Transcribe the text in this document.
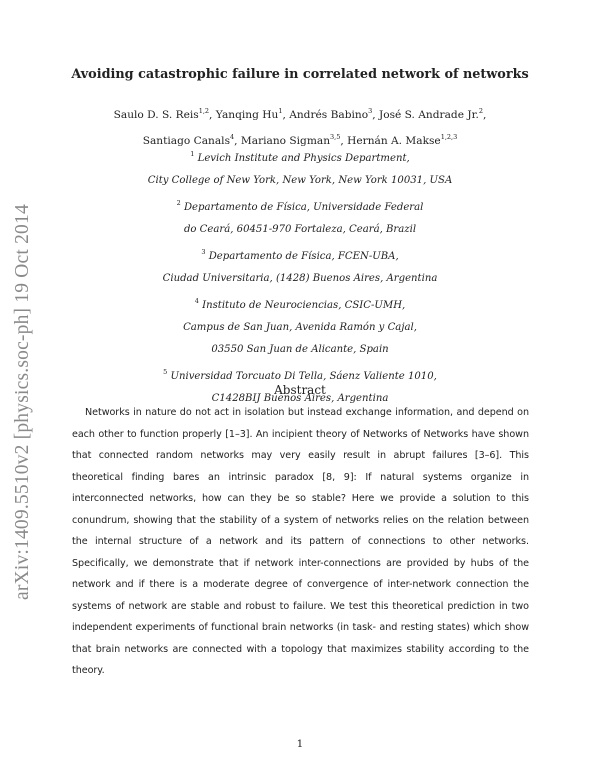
arXiv:1409.5510v2 [physics.soc-ph] 19 Oct 2014
Avoiding catastrophic failure in correlated network of networks
Saulo D. S. Reis$^{1,2}$, Yanqing Hu$^1$, Andrés Babino$^3$, José S. Andrade Jr.$^2$,
Santiago Canals$^4$, Mariano Sigman$^{3,5}$, Hernán A. Makse$^{1,2,3}$
$^1$ Levich Institute and Physics Department,
City College of New York, New York, New York 10031, USA
$^2$ Departamento de Física, Universidade Federal
do Ceará, 60451-970 Fortaleza, Ceará, Brazil
$^3$ Departamento de Física, FCEN-UBA,
Ciudad Universitaria, (1428) Buenos Aires, Argentina
$^4$ Instituto de Neurociencias, CSIC-UMH,
Campus de San Juan, Avenida Ramón y Cajal,
03550 San Juan de Alicante, Spain
$^5$ Universidad Torcuato Di Tella, Sáenz Valiente 1010,
C1428BIJ Buenos Aires, Argentina
Abstract
Networks in nature do not act in isolation but instead exchange information, and depend on each other to function properly [1–3]. An incipient theory of Networks of Networks have shown that connected random networks may very easily result in abrupt failures [3–6]. This theoretical finding bares an intrinsic paradox [8, 9]: If natural systems organize in interconnected networks, how can they be so stable? Here we provide a solution to this conundrum, showing that the stability of a system of networks relies on the relation between the internal structure of a network and its pattern of connections to other networks. Specifically, we demonstrate that if network inter-connections are provided by hubs of the network and if there is a moderate degree of convergence of inter-network connection the systems of network are stable and robust to failure. We test this theoretical prediction in two independent experiments of functional brain networks (in task- and resting states) which show that brain networks are connected with a topology that maximizes stability according to the theory.
1
